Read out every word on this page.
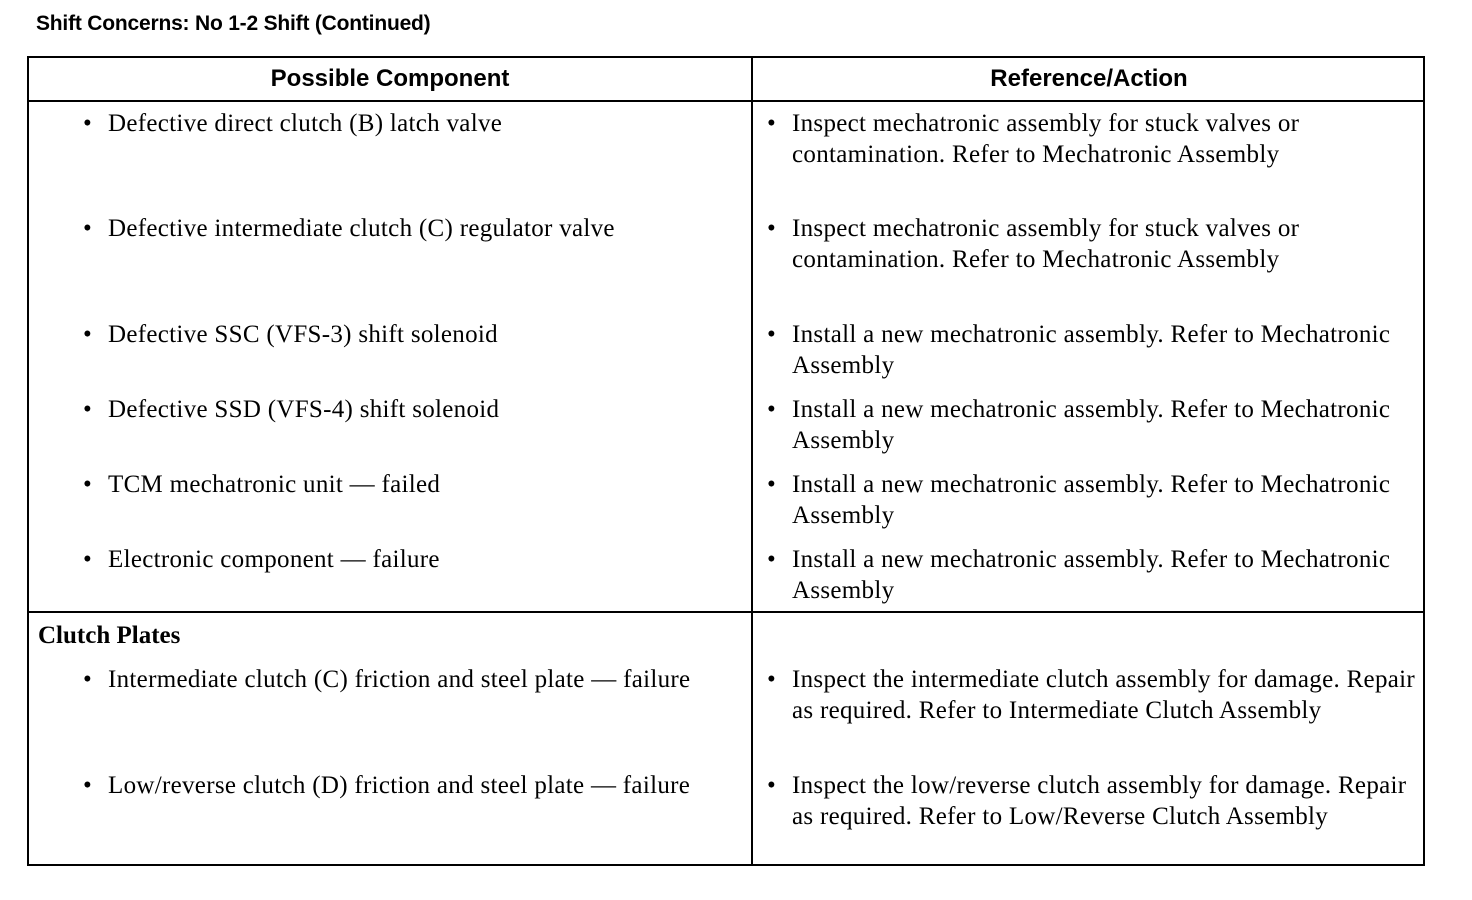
Shift Concerns: No 1-2 Shift (Continued)
Possible Component	Reference/Action
• Defective direct clutch (B) latch valve	• Inspect mechatronic assembly for stuck valves or contamination. Refer to Mechatronic Assembly
• Defective intermediate clutch (C) regulator valve	• Inspect mechatronic assembly for stuck valves or contamination. Refer to Mechatronic Assembly
• Defective SSC (VFS-3) shift solenoid	• Install a new mechatronic assembly. Refer to Mechatronic Assembly
• Defective SSD (VFS-4) shift solenoid	• Install a new mechatronic assembly. Refer to Mechatronic Assembly
• TCM mechatronic unit — failed	• Install a new mechatronic assembly. Refer to Mechatronic Assembly
• Electronic component — failure	• Install a new mechatronic assembly. Refer to Mechatronic Assembly
Clutch Plates
• Intermediate clutch (C) friction and steel plate — failure	• Inspect the intermediate clutch assembly for damage. Repair as required. Refer to Intermediate Clutch Assembly
• Low/reverse clutch (D) friction and steel plate — failure	• Inspect the low/reverse clutch assembly for damage. Repair as required. Refer to Low/Reverse Clutch Assembly
